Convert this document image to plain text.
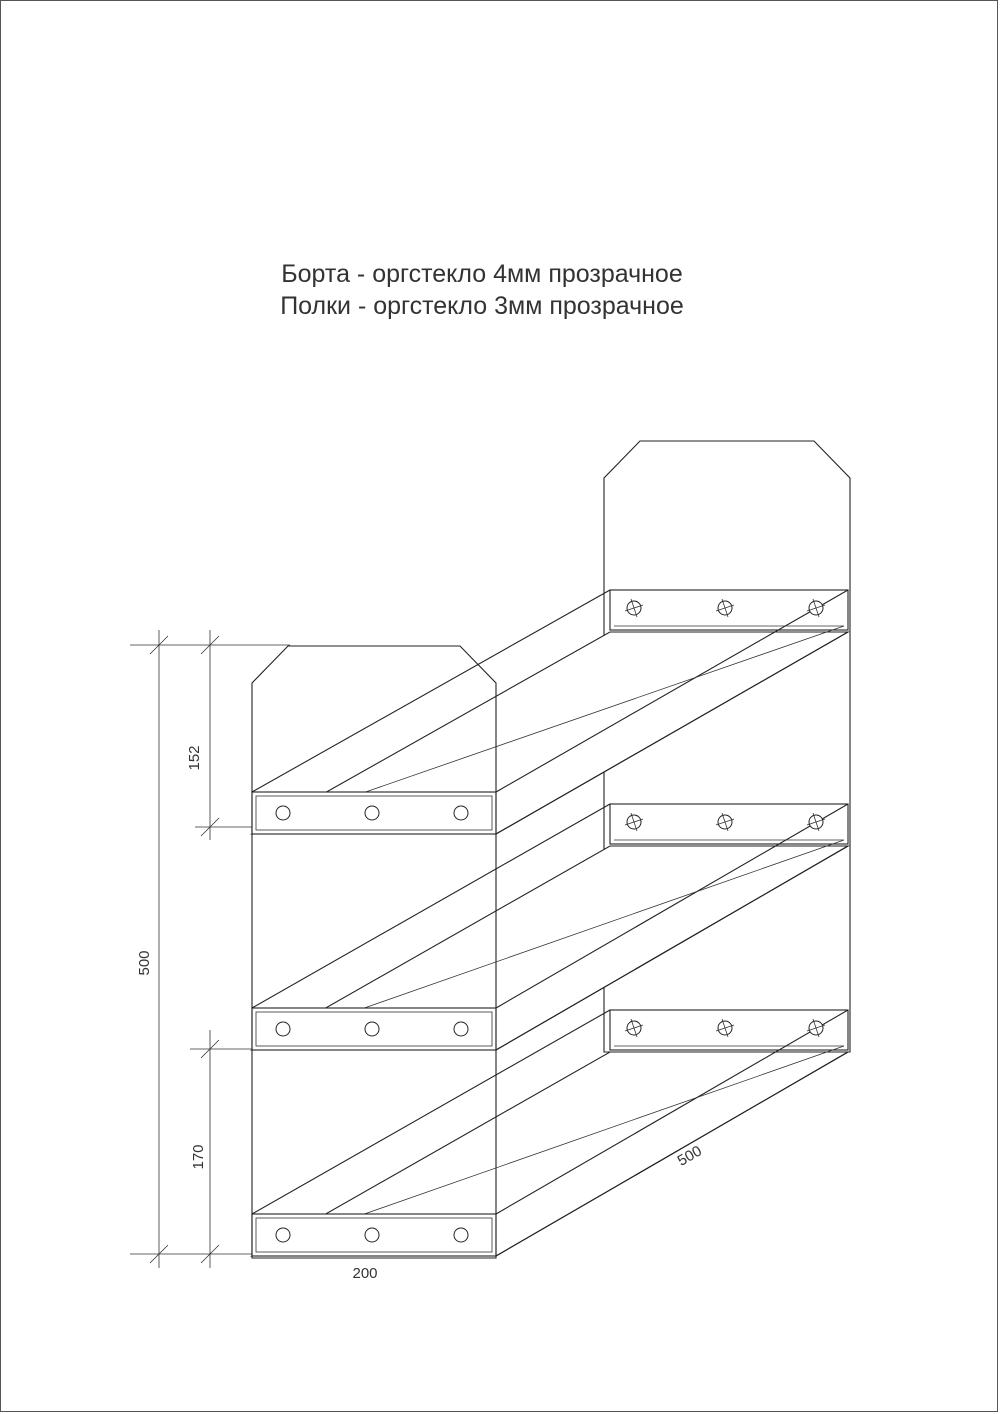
Борта - оргстекло 4мм прозрачное
Полки - оргстекло 3мм прозрачное
152
500
170
200
500
